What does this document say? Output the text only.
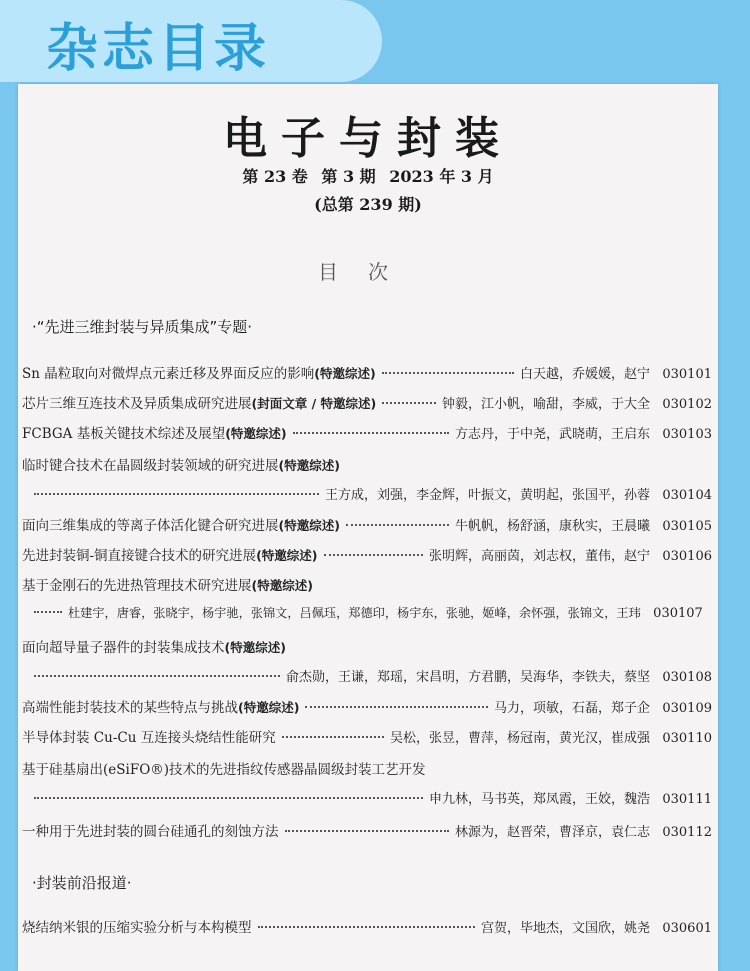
杂志目录
电子与封装
第 23 卷 第 3 期 2023 年 3 月
(总第 239 期)
目次
·“先进三维封装与异质集成”专题·
Sn 晶粒取向对微焊点元素迁移及界面反应的影响(特邀综述)	白天越，乔媛媛，赵宁 030101
芯片三维互连技术及异质集成研究进展(封面文章 / 特邀综述)	钟毅，江小帆，喻甜，李威，于大全 030102
FCBGA 基板关键技术综述及展望(特邀综述)	方志丹，于中尧，武晓萌，王启东 030103
临时键合技术在晶圆级封装领域的研究进展(特邀综述)
王方成，刘强，李金辉，叶振文，黄明起，张国平，孙蓉 030104
面向三维集成的等离子体活化键合研究进展(特邀综述)	牛帆帆，杨舒涵，康秋实，王晨曦 030105
先进封装铜-铜直接键合技术的研究进展(特邀综述)	张明辉，高丽茵，刘志权，董伟，赵宁 030106
基于金刚石的先进热管理技术研究进展(特邀综述)
杜建宇，唐睿，张晓宇，杨宇驰，张锦文，吕佩珏，郑德印，杨宇东，张驰，姬峰，余怀强，张锦文，王玮 030107
面向超导量子器件的封装集成技术(特邀综述)
俞杰勋，王谦，郑瑶，宋昌明，方君鹏，吴海华，李铁夫，蔡坚 030108
高端性能封装技术的某些特点与挑战(特邀综述)	马力，项敏，石磊，郑子企 030109
半导体封装 Cu-Cu 互连接头烧结性能研究	吴松，张昱，曹萍，杨冠南，黄光汉，崔成强 030110
基于硅基扇出(eSiFO®)技术的先进指纹传感器晶圆级封装工艺开发
申九林，马书英，郑凤霞，王姣，魏浩 030111
一种用于先进封装的圆台硅通孔的刻蚀方法	林源为，赵晋荣，曹泽京，袁仁志 030112
·封装前沿报道·
烧结纳米银的压缩实验分析与本构模型	宫贺，毕地杰，文国欣，姚尧 030601
